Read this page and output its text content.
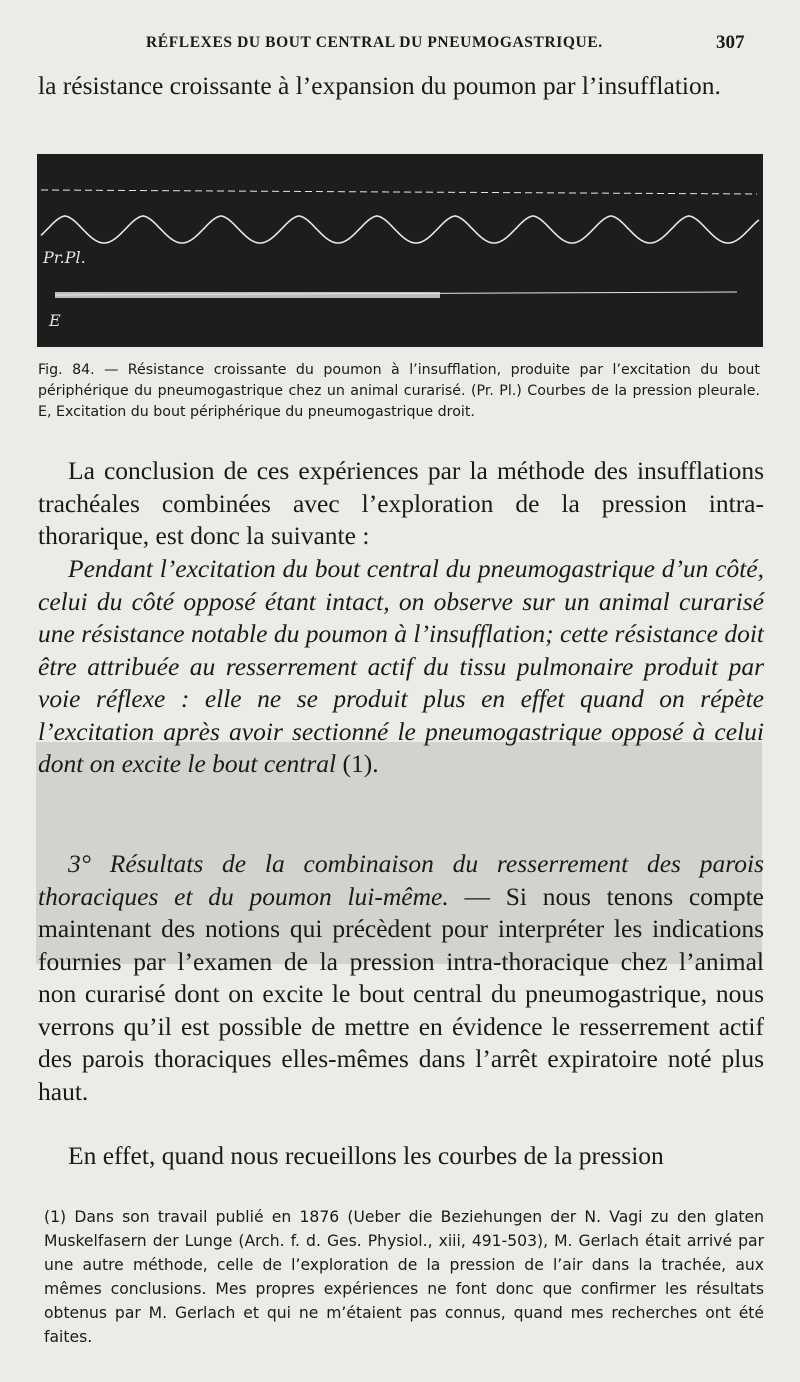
RÉFLEXES DU BOUT CENTRAL DU PNEUMOGASTRIQUE.	307

la résistance croissante à l’expansion du poumon par l’insufflation.

Pr.Pl.
E

Fig. 84. — Résistance croissante du poumon à l’insufflation, produite par l’excitation du bout périphérique du pneumogastrique chez un animal curarisé. (Pr. Pl.) Courbes de la pression pleurale. E, Excitation du bout périphérique du pneumogastrique droit.

La conclusion de ces expériences par la méthode des insufflations trachéales combinées avec l’exploration de la pression intra-thorarique, est donc la suivante :

Pendant l’excitation du bout central du pneumogastrique d’un côté, celui du côté opposé étant intact, on observe sur un animal curarisé une résistance notable du poumon à l’insufflation; cette résistance doit être attribuée au resserrement actif du tissu pulmonaire produit par voie réflexe : elle ne se produit plus en effet quand on répète l’excitation après avoir sectionné le pneumogastrique opposé à celui dont on excite le bout central (1).

3° Résultats de la combinaison du resserrement des parois thoraciques et du poumon lui-même. — Si nous tenons compte maintenant des notions qui précèdent pour interpréter les indications fournies par l’examen de la pression intra-thoracique chez l’animal non curarisé dont on excite le bout central du pneumogastrique, nous verrons qu’il est possible de mettre en évidence le resserrement actif des parois thoraciques elles-mêmes dans l’arrêt expiratoire noté plus haut.

En effet, quand nous recueillons les courbes de la pression

(1) Dans son travail publié en 1876 (Ueber die Beziehungen der N. Vagi zu den glaten Muskelfasern der Lunge (Arch. f. d. Ges. Physiol., xiii, 491-503), M. Gerlach était arrivé par une autre méthode, celle de l’exploration de la pression de l’air dans la trachée, aux mêmes conclusions. Mes propres expériences ne font donc que confirmer les résultats obtenus par M. Gerlach et qui ne m’étaient pas connus, quand mes recherches ont été faites.
